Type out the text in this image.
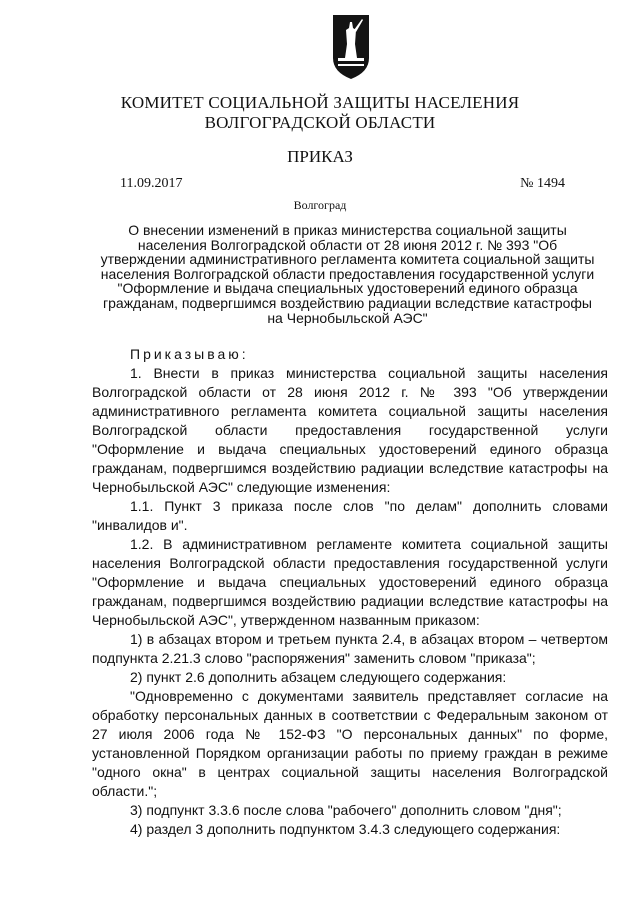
КОМИТЕТ СОЦИАЛЬНОЙ ЗАЩИТЫ НАСЕЛЕНИЯ
ВОЛГОГРАДСКОЙ ОБЛАСТИ
ПРИКАЗ
11.09.2017	№ 1494
Волгоград
О внесении изменений в приказ министерства социальной защиты населения Волгоградской области от 28 июня 2012 г. № 393 "Об утверждении административного регламента комитета социальной защиты населения Волгоградской области предоставления государственной услуги "Оформление и выдача специальных удостоверений единого образца гражданам, подвергшимся воздействию радиации вследствие катастрофы на Чернобыльской АЭС"

Приказываю:

1. Внести в приказ министерства социальной защиты населения Волгоградской области от 28 июня 2012 г. № 393 "Об утверждении административного регламента комитета социальной защиты населения Волгоградской области предоставления государственной услуги "Оформление и выдача специальных удостоверений единого образца гражданам, подвергшимся воздействию радиации вследствие катастрофы на Чернобыльской АЭС" следующие изменения:

1.1. Пункт 3 приказа после слов "по делам" дополнить словами "инвалидов и".

1.2. В административном регламенте комитета социальной защиты населения Волгоградской области предоставления государственной услуги "Оформление и выдача специальных удостоверений единого образца гражданам, подвергшимся воздействию радиации вследствие катастрофы на Чернобыльской АЭС", утвержденном названным приказом:

1) в абзацах втором и третьем пункта 2.4, в абзацах втором – четвертом подпункта 2.21.3 слово "распоряжения" заменить словом "приказа";

2) пункт 2.6 дополнить абзацем следующего содержания:

"Одновременно с документами заявитель представляет согласие на обработку персональных данных в соответствии с Федеральным законом от 27 июля 2006 года № 152-ФЗ "О персональных данных" по форме, установленной Порядком организации работы по приему граждан в режиме "одного окна" в центрах социальной защиты населения Волгоградской области.";

3) подпункт 3.3.6 после слова "рабочего" дополнить словом "дня";

4) раздел 3 дополнить подпунктом 3.4.3 следующего содержания:
